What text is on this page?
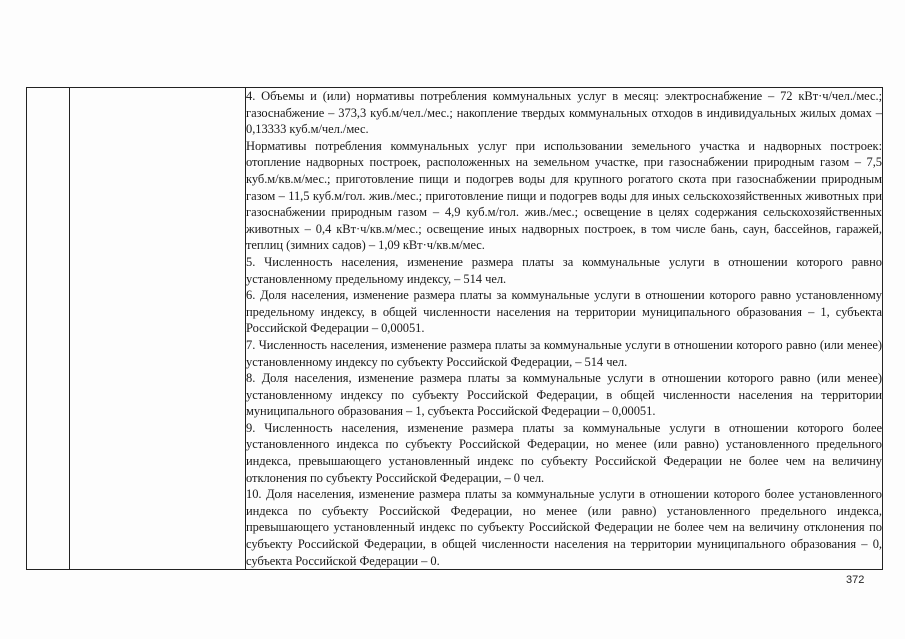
4. Объемы и (или) нормативы потребления коммунальных услуг в месяц: электроснабжение – 72 кВт·ч/чел./мес.; газоснабжение – 373,3 куб.м/чел./мес.; накопление твердых коммунальных отходов в индивидуальных жилых домах – 0,13333 куб.м/чел./мес.

Нормативы потребления коммунальных услуг при использовании земельного участка и надворных построек: отопление надворных построек, расположенных на земельном участке, при газоснабжении природным газом – 7,5 куб.м/кв.м/мес.; приготовление пищи и подогрев воды для крупного рогатого скота при газоснабжении природным газом – 11,5 куб.м/гол. жив./мес.; приготовление пищи и подогрев воды для иных сельскохозяйственных животных при газоснабжении природным газом – 4,9 куб.м/гол. жив./мес.; освещение в целях содержания сельскохозяйственных животных – 0,4 кВт·ч/кв.м/мес.; освещение иных надворных построек, в том числе бань, саун, бассейнов, гаражей, теплиц (зимних садов) – 1,09 кВт·ч/кв.м/мес.

5. Численность населения, изменение размера платы за коммунальные услуги в отношении которого равно установленному предельному индексу, – 514 чел.

6. Доля населения, изменение размера платы за коммунальные услуги в отношении которого равно установленному предельному индексу, в общей численности населения на территории муниципального образования – 1, субъекта Российской Федерации – 0,00051.

7. Численность населения, изменение размера платы за коммунальные услуги в отношении которого равно (или менее) установленному индексу по субъекту Российской Федерации, – 514 чел.

8. Доля населения, изменение размера платы за коммунальные услуги в отношении которого равно (или менее) установленному индексу по субъекту Российской Федерации, в общей численности населения на территории муниципального образования – 1, субъекта Российской Федерации – 0,00051.

9. Численность населения, изменение размера платы за коммунальные услуги в отношении которого более установленного индекса по субъекту Российской Федерации, но менее (или равно) установленного предельного индекса, превышающего установленный индекс по субъекту Российской Федерации не более чем на величину отклонения по субъекту Российской Федерации, – 0 чел.

10. Доля населения, изменение размера платы за коммунальные услуги в отношении которого более установленного индекса по субъекту Российской Федерации, но менее (или равно) установленного предельного индекса, превышающего установленный индекс по субъекту Российской Федерации не более чем на величину отклонения по субъекту Российской Федерации, в общей численности населения на территории муниципального образования – 0, субъекта Российской Федерации – 0.

372
